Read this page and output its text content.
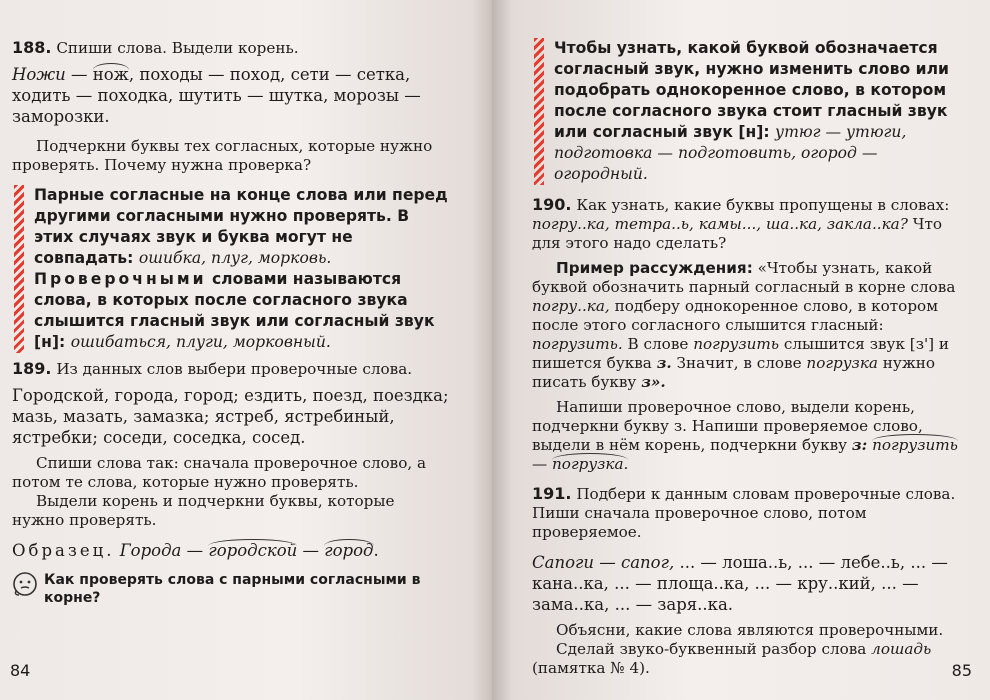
188. Спиши слова. Выдели корень.

Ножи — нож, походы — поход, сети — сетка, ходить — походка, шутить — шутка, морозы — заморозки.

Подчеркни буквы тех согласных, которые нужно проверять. Почему нужна проверка?

Парные согласные на конце слова или перед другими согласными нужно проверять. В этих случаях звук и буква могут не совпадать: ошибка, плуг, морковь.

Проверочными словами называются слова, в которых после согласного звука слышится гласный звук или согласный звук [н]: ошибаться, плуги, морковный.

189. Из данных слов выбери проверочные слова.

Городской, города, город; ездить, поезд, поездка; мазь, мазать, замазка; ястреб, ястребиный, ястребки; соседи, соседка, сосед.

Спиши слова так: сначала проверочное слово, а потом те слова, которые нужно проверять.

Выдели корень и подчеркни буквы, которые нужно проверять.

Образец. Города — городской — город.

Как проверять слова с парными согласными в корне?

84

Чтобы узнать, какой буквой обозначается согласный звук, нужно изменить слово или подобрать однокоренное слово, в котором после согласного звука стоит гласный звук или согласный звук [н]: утюг — утюги, подготовка — подготовить, огород — огородный.

190. Как узнать, какие буквы пропущены в словах: погру..ка, тетра..ь, камы..., ша..ка, закла..ка? Что для этого надо сделать?

Пример рассуждения: «Чтобы узнать, какой буквой обозначить парный согласный в корне слова погру..ка, подберу однокоренное слово, в котором после этого согласного слышится гласный: погрузить. В слове погрузить слышится звук [з'] и пишется буква з. Значит, в слове погрузка нужно писать букву з».

Напиши проверочное слово, выдели корень, подчеркни букву з. Напиши проверяемое слово, выдели в нём корень, подчеркни букву з: погрузить — погрузка.

191. Подбери к данным словам проверочные слова. Пиши сначала проверочное слово, потом проверяемое.

Сапоги — сапог, ... — лоша..ь, ... — лебе..ь, ... — кана..ка, ... — площа..ка, ... — кру..кий, ... — зама..ка, ... — заря..ка.

Объясни, какие слова являются проверочными.

Сделай звуко-буквенный разбор слова лошадь (памятка № 4).	85
